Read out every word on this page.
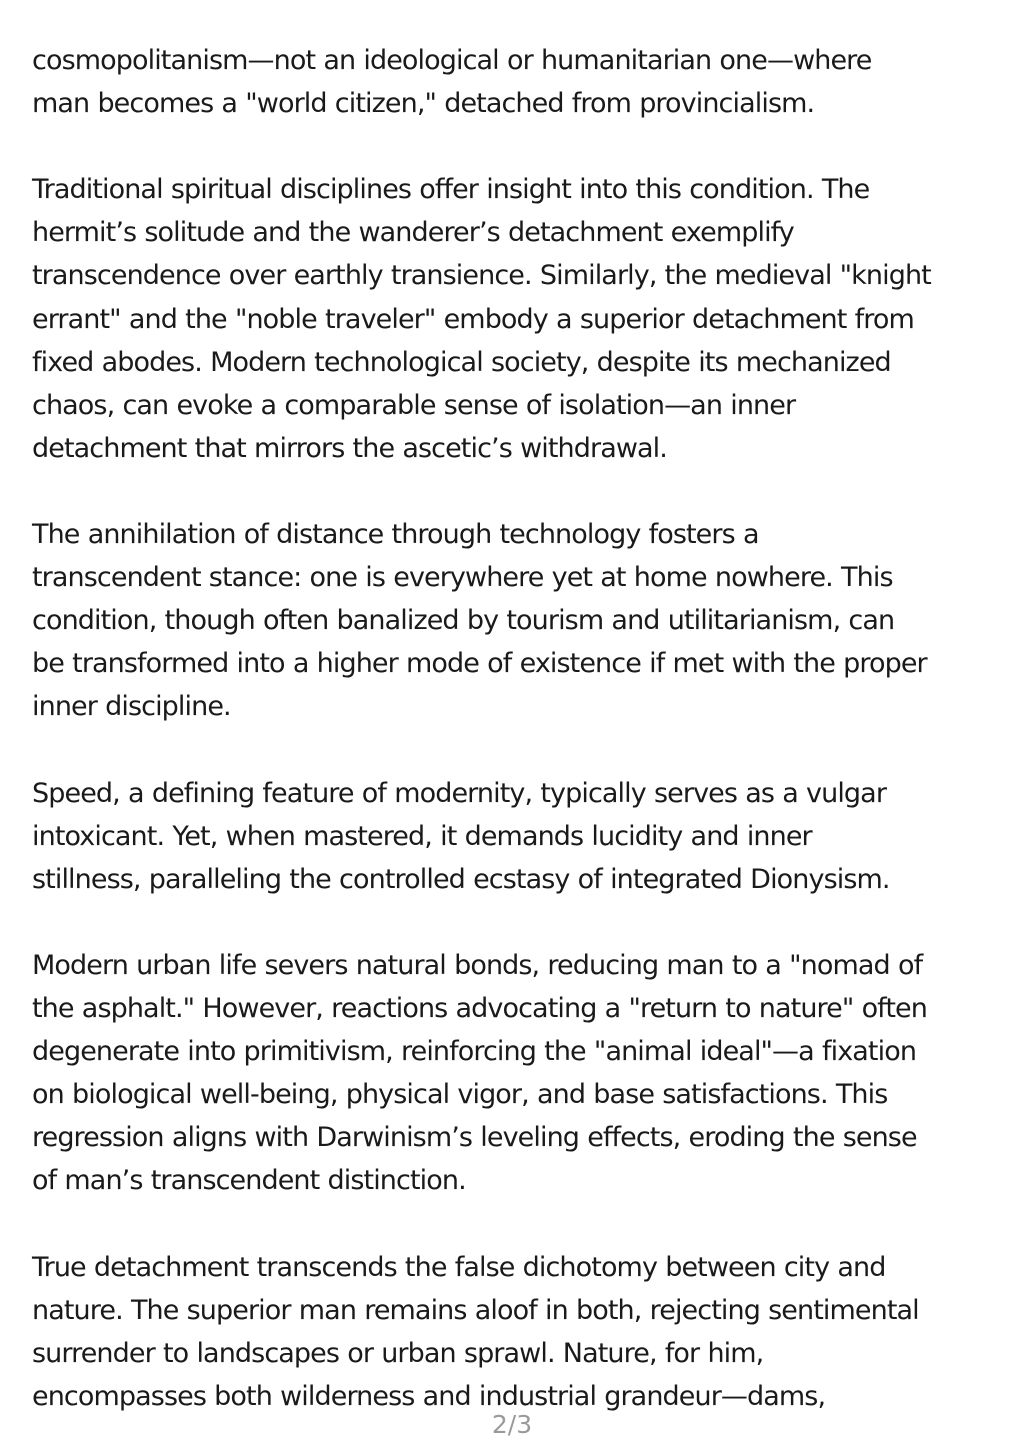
cosmopolitanism—not an ideological or humanitarian one—where
man becomes a "world citizen," detached from provincialism.

Traditional spiritual disciplines offer insight into this condition. The
hermit’s solitude and the wanderer’s detachment exemplify
transcendence over earthly transience. Similarly, the medieval "knight
errant" and the "noble traveler" embody a superior detachment from
fixed abodes. Modern technological society, despite its mechanized
chaos, can evoke a comparable sense of isolation—an inner
detachment that mirrors the ascetic’s withdrawal.

The annihilation of distance through technology fosters a
transcendent stance: one is everywhere yet at home nowhere. This
condition, though often banalized by tourism and utilitarianism, can
be transformed into a higher mode of existence if met with the proper
inner discipline.

Speed, a defining feature of modernity, typically serves as a vulgar
intoxicant. Yet, when mastered, it demands lucidity and inner
stillness, paralleling the controlled ecstasy of integrated Dionysism.

Modern urban life severs natural bonds, reducing man to a "nomad of
the asphalt." However, reactions advocating a "return to nature" often
degenerate into primitivism, reinforcing the "animal ideal"—a fixation
on biological well-being, physical vigor, and base satisfactions. This
regression aligns with Darwinism’s leveling effects, eroding the sense
of man’s transcendent distinction.

True detachment transcends the false dichotomy between city and
nature. The superior man remains aloof in both, rejecting sentimental
surrender to landscapes or urban sprawl. Nature, for him,
encompasses both wilderness and industrial grandeur—dams,

2/3
